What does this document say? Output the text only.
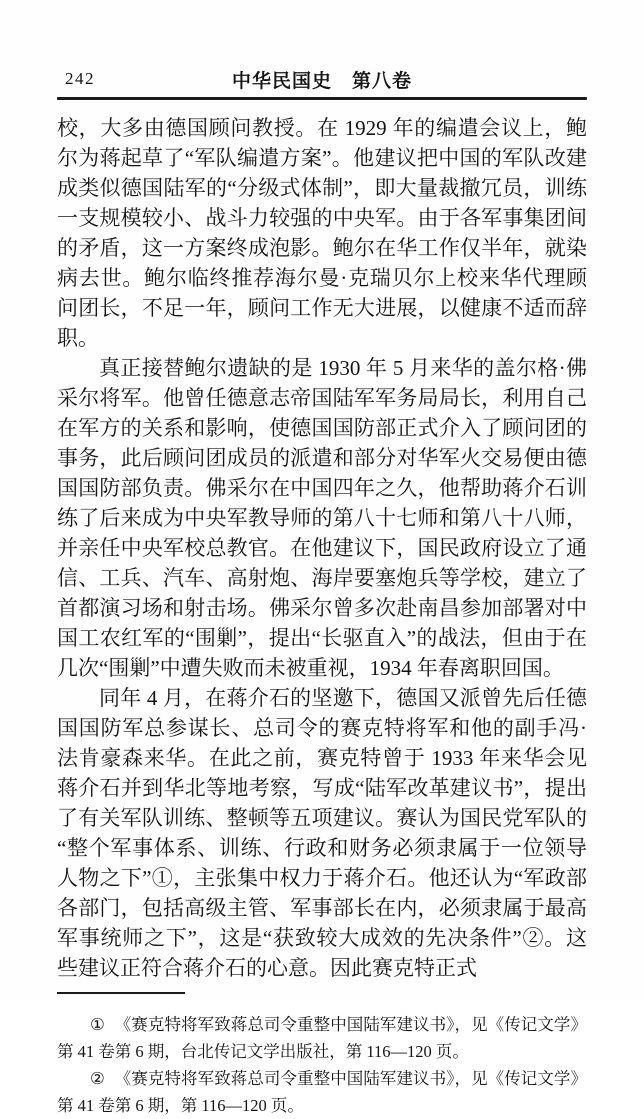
242	中华民国史　第八卷

校，大多由德国顾问教授。在 1929 年的编遣会议上，鲍尔为蒋起草了“军队编遣方案”。他建议把中国的军队改建成类似德国陆军的“分级式体制”，即大量裁撤冗员，训练一支规模较小、战斗力较强的中央军。由于各军事集团间的矛盾，这一方案终成泡影。鲍尔在华工作仅半年，就染病去世。鲍尔临终推荐海尔曼·克瑞贝尔上校来华代理顾问团长，不足一年，顾问工作无大进展，以健康不适而辞职。

真正接替鲍尔遗缺的是 1930 年 5 月来华的盖尔格·佛采尔将军。他曾任德意志帝国陆军军务局局长，利用自己在军方的关系和影响，使德国国防部正式介入了顾问团的事务，此后顾问团成员的派遣和部分对华军火交易便由德国国防部负责。佛采尔在中国四年之久，他帮助蒋介石训练了后来成为中央军教导师的第八十七师和第八十八师，并亲任中央军校总教官。在他建议下，国民政府设立了通信、工兵、汽车、高射炮、海岸要塞炮兵等学校，建立了首都演习场和射击场。佛采尔曾多次赴南昌参加部署对中国工农红军的“围剿”，提出“长驱直入”的战法，但由于在几次“围剿”中遭失败而未被重视，1934 年春离职回国。

同年 4 月，在蒋介石的坚邀下，德国又派曾先后任德国国防军总参谋长、总司令的赛克特将军和他的副手冯·法肯豪森来华。在此之前，赛克特曾于 1933 年来华会见蒋介石并到华北等地考察，写成“陆军改革建议书”，提出了有关军队训练、整顿等五项建议。赛认为国民党军队的“整个军事体系、训练、行政和财务必须隶属于一位领导人物之下”①，主张集中权力于蒋介石。他还认为“军政部各部门，包括高级主管、军事部长在内，必须隶属于最高军事统师之下”，这是“获致较大成效的先决条件”②。这些建议正符合蒋介石的心意。因此赛克特正式

① 《赛克特将军致蒋总司令重整中国陆军建议书》，见《传记文学》第 41 卷第 6 期，台北传记文学出版社，第 116—120 页。

② 《赛克特将军致蒋总司令重整中国陆军建议书》，见《传记文学》第 41 卷第 6 期，第 116—120 页。
